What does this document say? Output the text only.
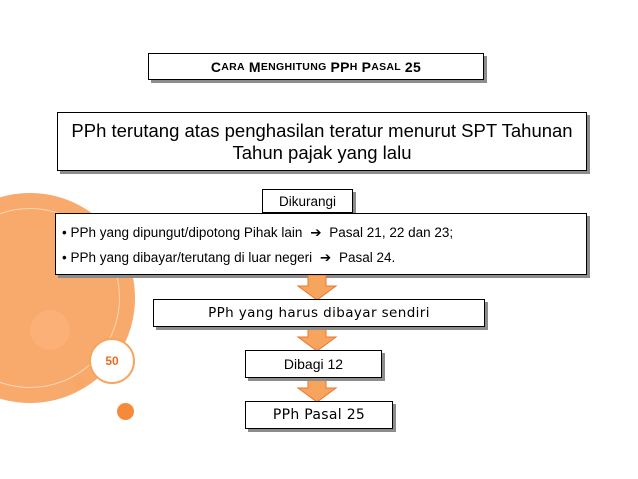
C ARA
M ENGHITUNG
PP H
P ASAL
25
PPh terutang atas penghasilan teratur menurut SPT Tahunan Tahun pajak yang lalu
Dikurangi
• PPh yang dipungut/dipotong Pihak lain ➔ Pasal 21, 22 dan 23;
• PPh yang dibayar/terutang di luar negeri ➔ Pasal 24.
PPh yang harus dibayar sendiri
Dibagi 12
PPh Pasal 25
50
